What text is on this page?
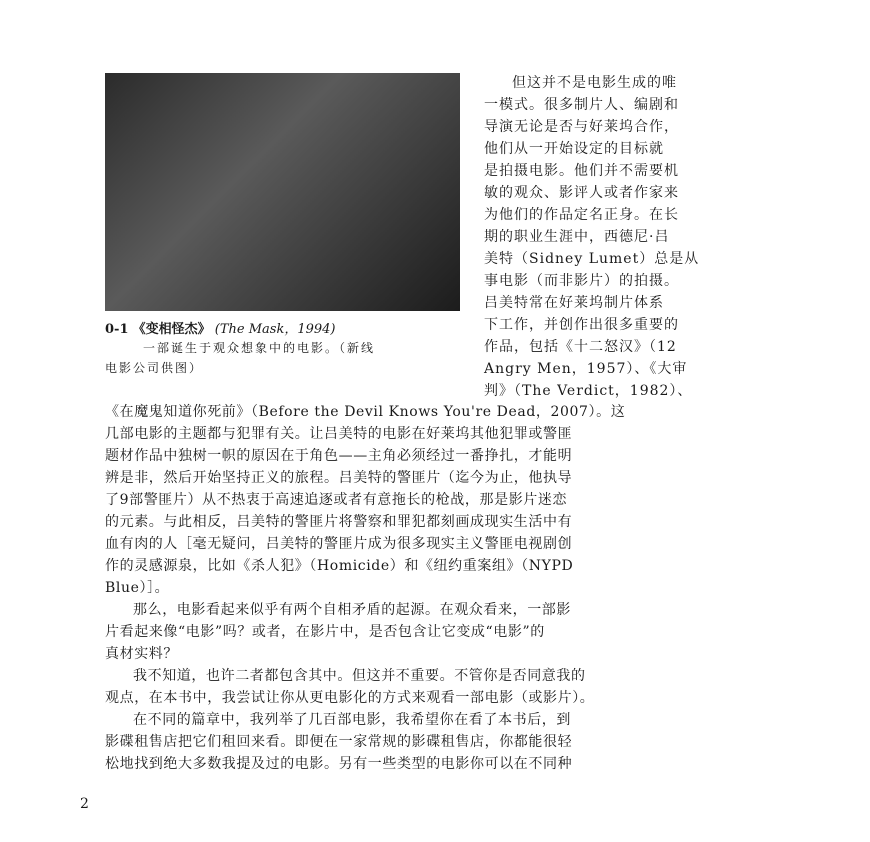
0-1 《变相怪杰》 (The Mask，1994)
一部诞生于观众想象中的电影。（新线
电影公司供图）
但这并不是电影生成的唯
一模式。很多制片人、编剧和
导演无论是否与好莱坞合作，
他们从一开始设定的目标就
是拍摄电影。他们并不需要机
敏的观众、影评人或者作家来
为他们的作品定名正身。在长
期的职业生涯中，西德尼·吕
美特（Sidney Lumet）总是从
事电影（而非影片）的拍摄。
吕美特常在好莱坞制片体系
下工作，并创作出很多重要的
作品，包括《十二怒汉》（12
Angry Men，1957）、《大审
判》（The Verdict，1982）、
《在魔鬼知道你死前》（Before the Devil Knows You're Dead，2007）。这
几部电影的主题都与犯罪有关。让吕美特的电影在好莱坞其他犯罪或警匪
题材作品中独树一帜的原因在于角色——主角必须经过一番挣扎，才能明
辨是非，然后开始坚持正义的旅程。吕美特的警匪片（迄今为止，他执导
了9部警匪片）从不热衷于高速追逐或者有意拖长的枪战，那是影片迷恋
的元素。与此相反，吕美特的警匪片将警察和罪犯都刻画成现实生活中有
血有肉的人［毫无疑问，吕美特的警匪片成为很多现实主义警匪电视剧创
作的灵感源泉，比如《杀人犯》（Homicide）和《纽约重案组》（NYPD
Blue）］。
那么，电影看起来似乎有两个自相矛盾的起源。在观众看来，一部影
片看起来像“电影”吗？或者，在影片中，是否包含让它变成“电影”的
真材实料？
我不知道，也许二者都包含其中。但这并不重要。不管你是否同意我的
观点，在本书中，我尝试让你从更电影化的方式来观看一部电影（或影片）。
在不同的篇章中，我列举了几百部电影，我希望你在看了本书后，到
影碟租售店把它们租回来看。即便在一家常规的影碟租售店，你都能很轻
松地找到绝大多数我提及过的电影。另有一些类型的电影你可以在不同种
2
